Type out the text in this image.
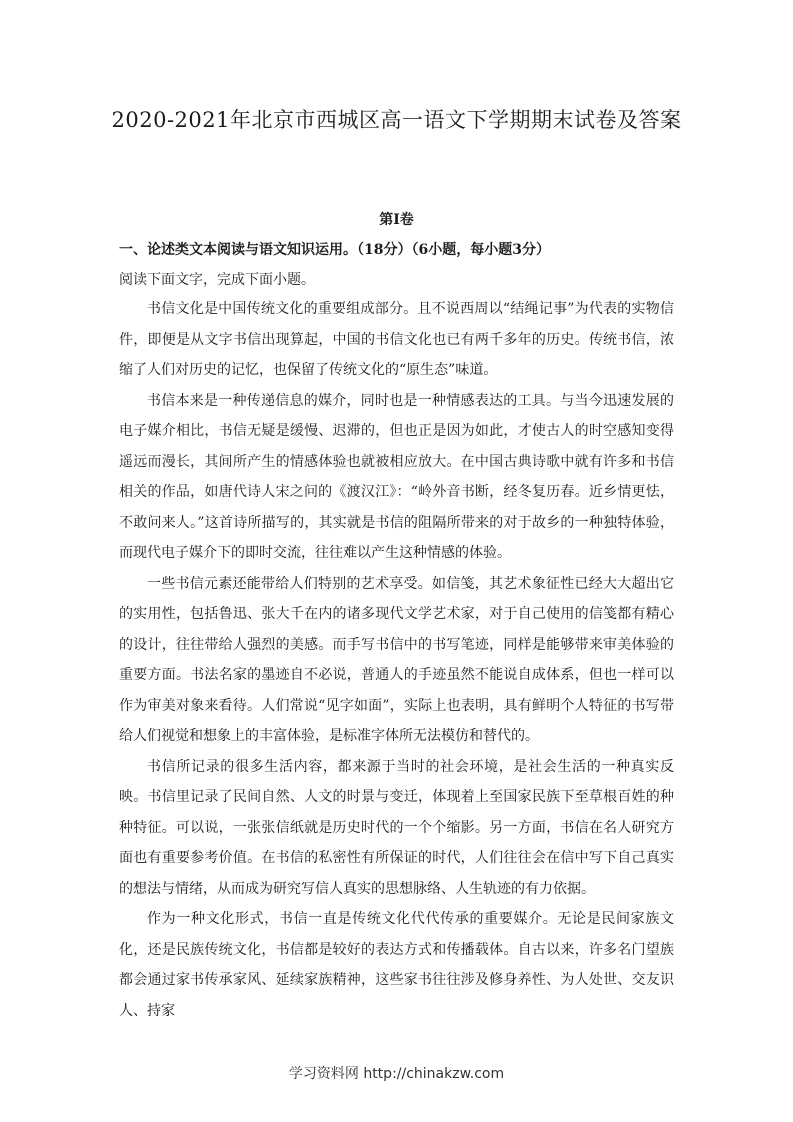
2020-2021年北京市西城区高一语文下学期期末试卷及答案
第Ⅰ卷
一、论述类文本阅读与语文知识运用。（18分）（6小题，每小题3分）
阅读下面文字，完成下面小题。

书信文化是中国传统文化的重要组成部分。且不说西周以“结绳记事”为代表的实物信件，即便是从文字书信出现算起，中国的书信文化也已有两千多年的历史。传统书信，浓缩了人们对历史的记忆，也保留了传统文化的“原生态”味道。

书信本来是一种传递信息的媒介，同时也是一种情感表达的工具。与当今迅速发展的电子媒介相比，书信无疑是缓慢、迟滞的，但也正是因为如此，才使古人的时空感知变得遥远而漫长，其间所产生的情感体验也就被相应放大。在中国古典诗歌中就有许多和书信相关的作品，如唐代诗人宋之问的《渡汉江》：“岭外音书断，经冬复历春。近乡情更怯，不敢问来人。”这首诗所描写的，其实就是书信的阻隔所带来的对于故乡的一种独特体验，而现代电子媒介下的即时交流，往往难以产生这种情感的体验。

一些书信元素还能带给人们特别的艺术享受。如信笺，其艺术象征性已经大大超出它的实用性，包括鲁迅、张大千在内的诸多现代文学艺术家，对于自己使用的信笺都有精心的设计，往往带给人强烈的美感。而手写书信中的书写笔迹，同样是能够带来审美体验的重要方面。书法名家的墨迹自不必说，普通人的手迹虽然不能说自成体系，但也一样可以作为审美对象来看待。人们常说“见字如面”，实际上也表明，具有鲜明个人特征的书写带给人们视觉和想象上的丰富体验，是标准字体所无法模仿和替代的。

书信所记录的很多生活内容，都来源于当时的社会环境，是社会生活的一种真实反映。书信里记录了民间自然、人文的时景与变迁，体现着上至国家民族下至草根百姓的种种特征。可以说，一张张信纸就是历史时代的一个个缩影。另一方面，书信在名人研究方面也有重要参考价值。在书信的私密性有所保证的时代，人们往往会在信中写下自己真实的想法与情绪，从而成为研究写信人真实的思想脉络、人生轨迹的有力依据。

作为一种文化形式，书信一直是传统文化代代传承的重要媒介。无论是民间家族文化，还是民族传统文化，书信都是较好的表达方式和传播载体。自古以来，许多名门望族都会通过家书传承家风、延续家族精神，这些家书往往涉及修身养性、为人处世、交友识人、持家

学习资料网 http://chinakzw.com
